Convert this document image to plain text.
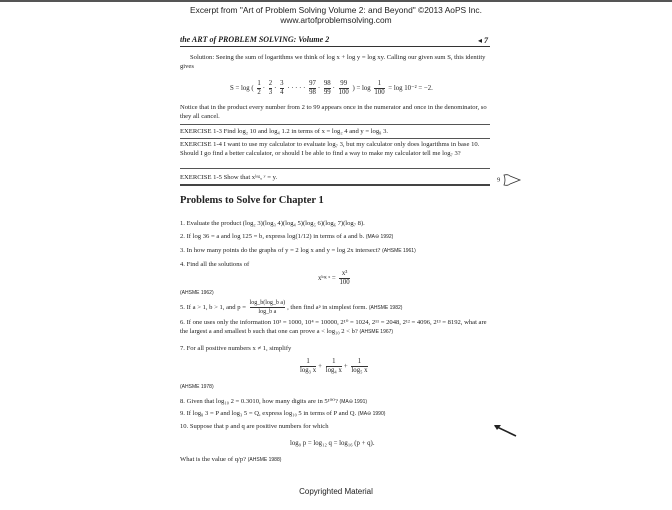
Excerpt from "Art of Problem Solving Volume 2: and Beyond" ©2013 AoPS Inc.
www.artofproblemsolving.com
the ART of PROBLEM SOLVING: Volume 2	◂ 7
Solution: Seeing the sum of logarithms we think of log x + log y = log xy. Calling our given sum S, this identity gives
S = log ( $\frac{1}{2} \cdot \frac{2}{3} \cdot \frac{3}{4}$ · · · · · $\frac{97}{98} \cdot \frac{98}{99} \cdot \frac{99}{100}$ ) = $\log \frac{1}{100} = \log 10^{-2} = -2$.
Notice that in the product every number from 2 to 99 appears once in the numerator and once in the denominator, so they all cancel.
EXERCISE 1-3 Find log₂ 10 and log₄ 1.2 in terms of x = log₂ 4 and y = log₈ 3.
EXERCISE 1-4 I want to use my calculator to evaluate log₇ 3, but my calculator only does logarithms in base 10. Should I go find a better calculator, or should I be able to find a way to make my calculator tell me log₇ 3?
EXERCISE 1-5 Show that xˡᵒᵍₓ ʸ = y.	9
Problems to Solve for Chapter 1
1. Evaluate the product (log₂ 3)(log₃ 4)(log₄ 5)(log₅ 6)(log₆ 7)(log₇ 8).
2. If log 36 = a and log 125 = b, express log(1/12) in terms of a and b. (MA⊖ 1992)
3. In how many points do the graphs of y = 2 log x and y = log 2x intersect? (AHSME 1961)
4. Find all the solutions of
xˡᵒᵍ ˣ = $\frac{\text{x³}}{100}$
(AHSME 1962)
5. If a > 1, b > 1, and $p = \frac{\text{log\_b(log\_b a)}}{\text{log\_b a}}$ , then find aᵖ in simplest form. (AHSME 1982)
6. If one uses only the information 10³ = 1000, 10⁴ = 10000, 2¹⁰ = 1024, 2¹¹ = 2048, 2¹² = 4096, 2¹³ = 8192, what are the largest a and smallest b such that one can prove a < log₁₀ 2 < b? (AHSME 1967)
7. For all positive numbers x ≠ 1, simplify
$\frac{1}{\text{log₃ x}} + \frac{1}{\text{log₄ x}} + \frac{1}{\text{log₅ x}}$
(AHSME 1978)
8. Given that log₁₀ 2 = 0.3010, how many digits are in 5¹⁰⁰? (MA⊖ 1991)
9. If log₈ 3 = P and log₃ 5 = Q, express log₁₀ 5 in terms of P and Q. (MA⊖ 1990)
10. Suppose that p and q are positive numbers for which
log₉ p = log₁₂ q = log₁₆ (p + q).
What is the value of q/p? (AHSME 1988)
Copyrighted Material
